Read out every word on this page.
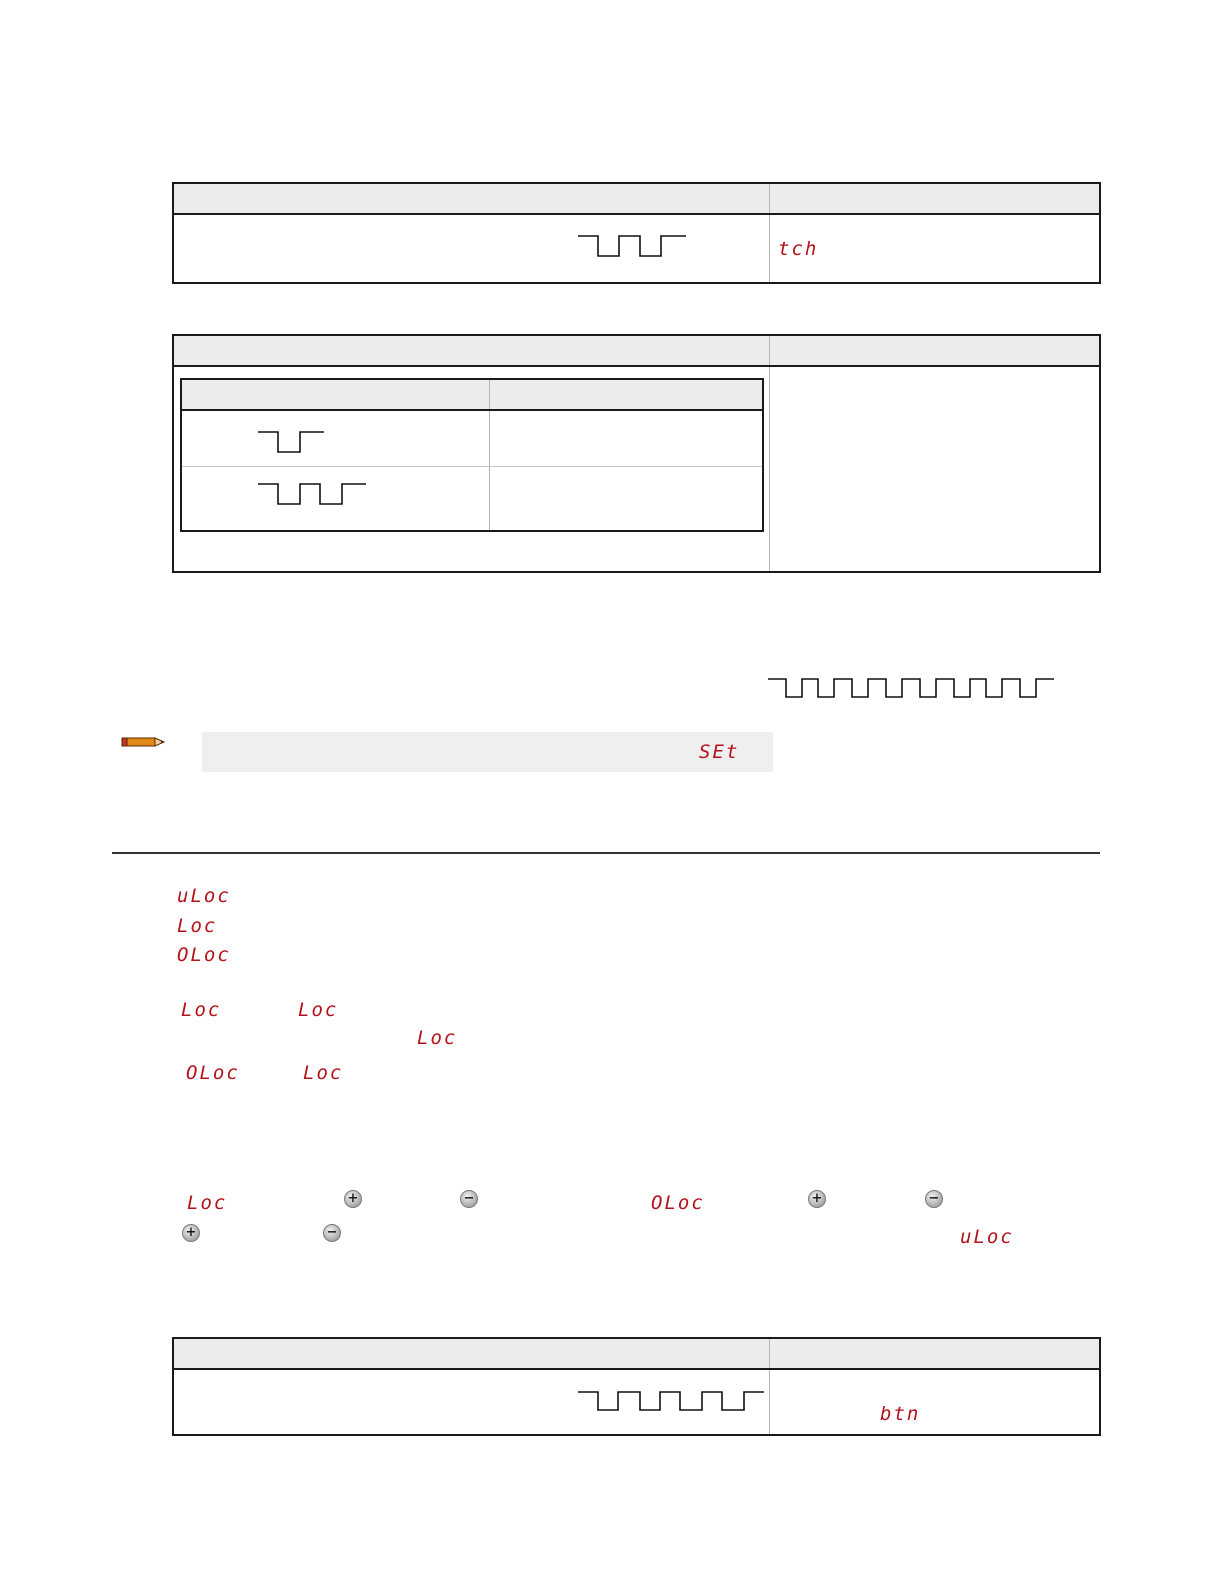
tch
SEt
uLoc
Loc
OLoc
Loc	Loc
Loc
OLoc	Loc
Loc	+	−	OLoc	+	−
+	−	uLoc
btn
